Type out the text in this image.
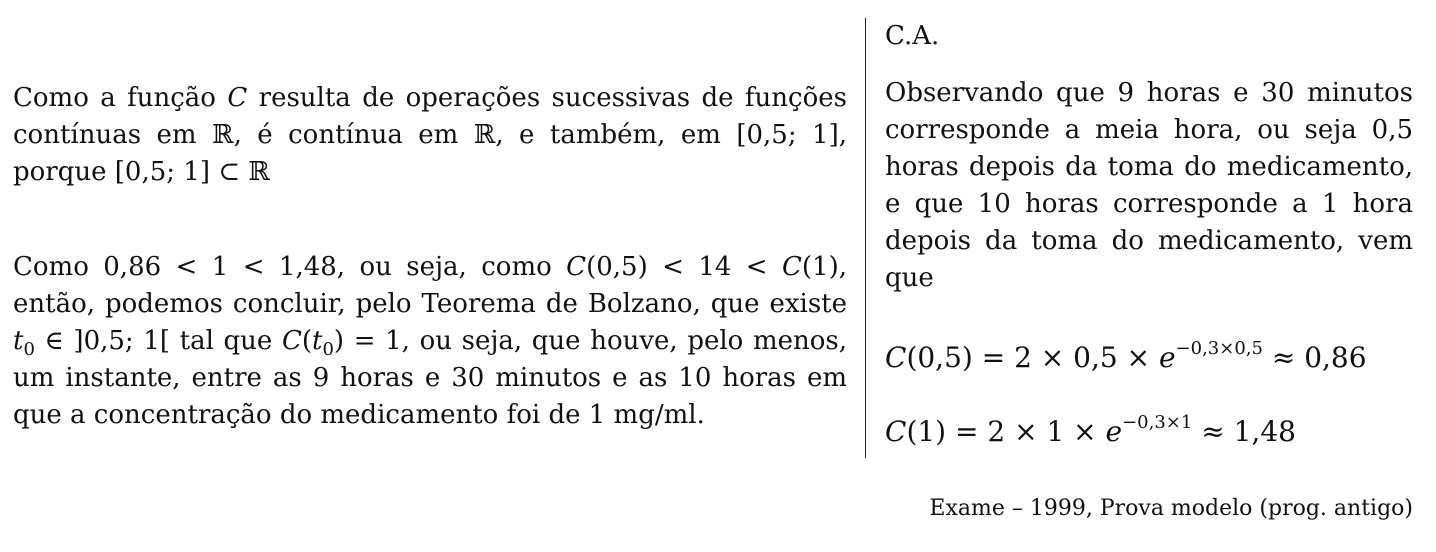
Como a função C resulta de operações sucessivas de funções contínuas em ℝ, é contínua em ℝ, e também, em [0,5; 1], porque [0,5; 1] ⊂ ℝ

Como 0,86 < 1 < 1,48, ou seja, como C(0,5) < 14 < C(1), então, podemos concluir, pelo Teorema de Bolzano, que existe $t_0$ ∈ ]0,5; 1[ tal que $C(t_0) = 1$, ou seja, que houve, pelo menos, um instante, entre as 9 horas e 30 minutos e as 10 horas em que a concentração do medicamento foi de 1 mg/ml.

C.A.

Observando que 9 horas e 30 minutos corresponde a meia hora, ou seja 0,5 horas depois da toma do medicamento, e que 10 horas corresponde a 1 hora depois da toma do medicamento, vem que

$C(0,5) = 2 \times 0,5 \times e^{-0,3\times 0,5} \approx 0,86$

$C(1) = 2 \times 1 \times e^{-0,3\times 1} \approx 1,48$

Exame – 1999, Prova modelo (prog. antigo)
